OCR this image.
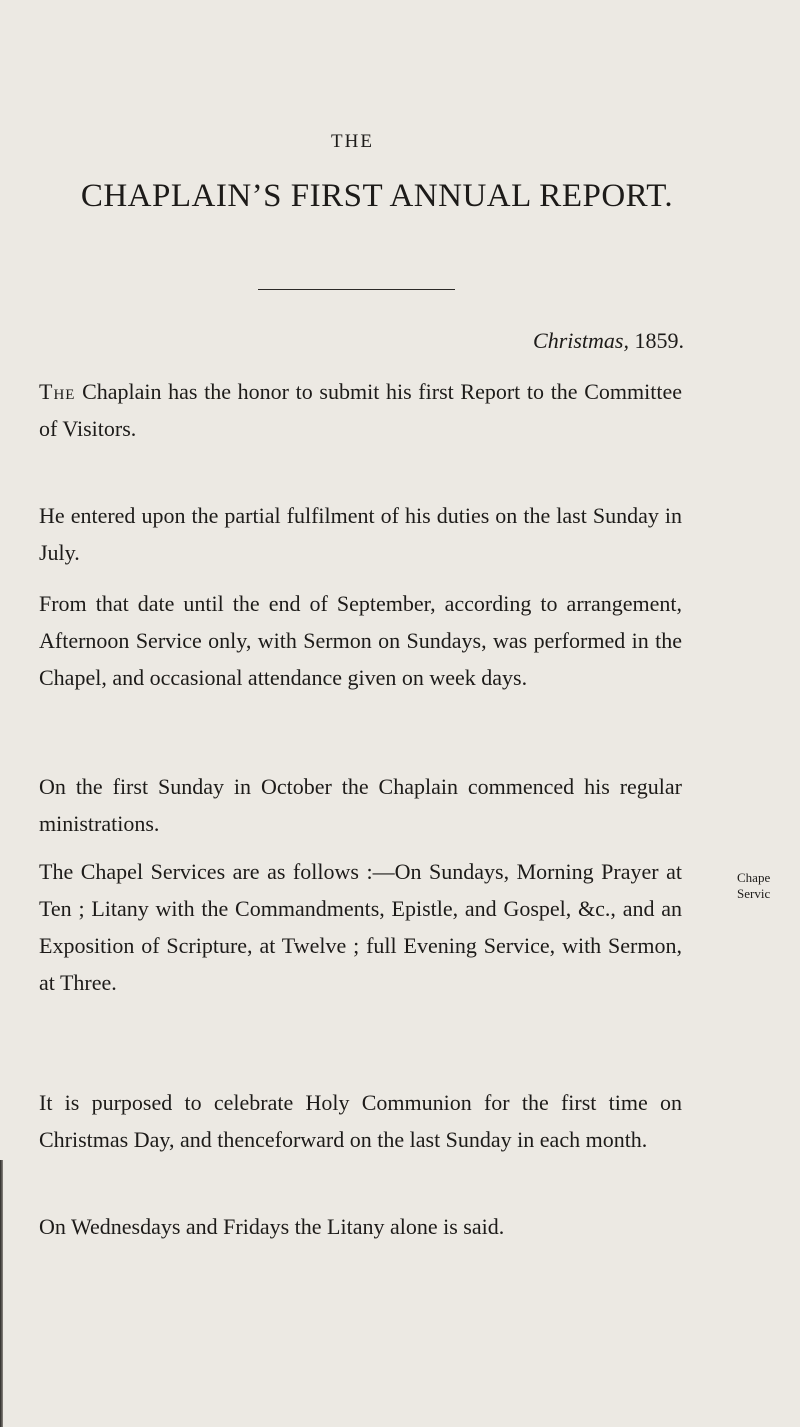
THE
CHAPLAIN’S FIRST ANNUAL REPORT.
Christmas, 1859.

The Chaplain has the honor to submit his first Report to the Committee of Visitors.

He entered upon the partial fulfilment of his duties on the last Sunday in July.

From that date until the end of September, according to arrangement, Afternoon Service only, with Sermon on Sundays, was performed in the Chapel, and occasional attendance given on week days.

On the first Sunday in October the Chaplain commenced his regular ministrations.

The Chapel Services are as follows :—On Sundays, Morning Prayer at Ten ; Litany with the Commandments, Epistle, and Gospel, &c., and an Exposition of Scripture, at Twelve ; full Evening Service, with Sermon, at Three.

It is purposed to celebrate Holy Communion for the first time on Christmas Day, and thenceforward on the last Sunday in each month.

On Wednesdays and Fridays the Litany alone is said.

Chape
Servic
